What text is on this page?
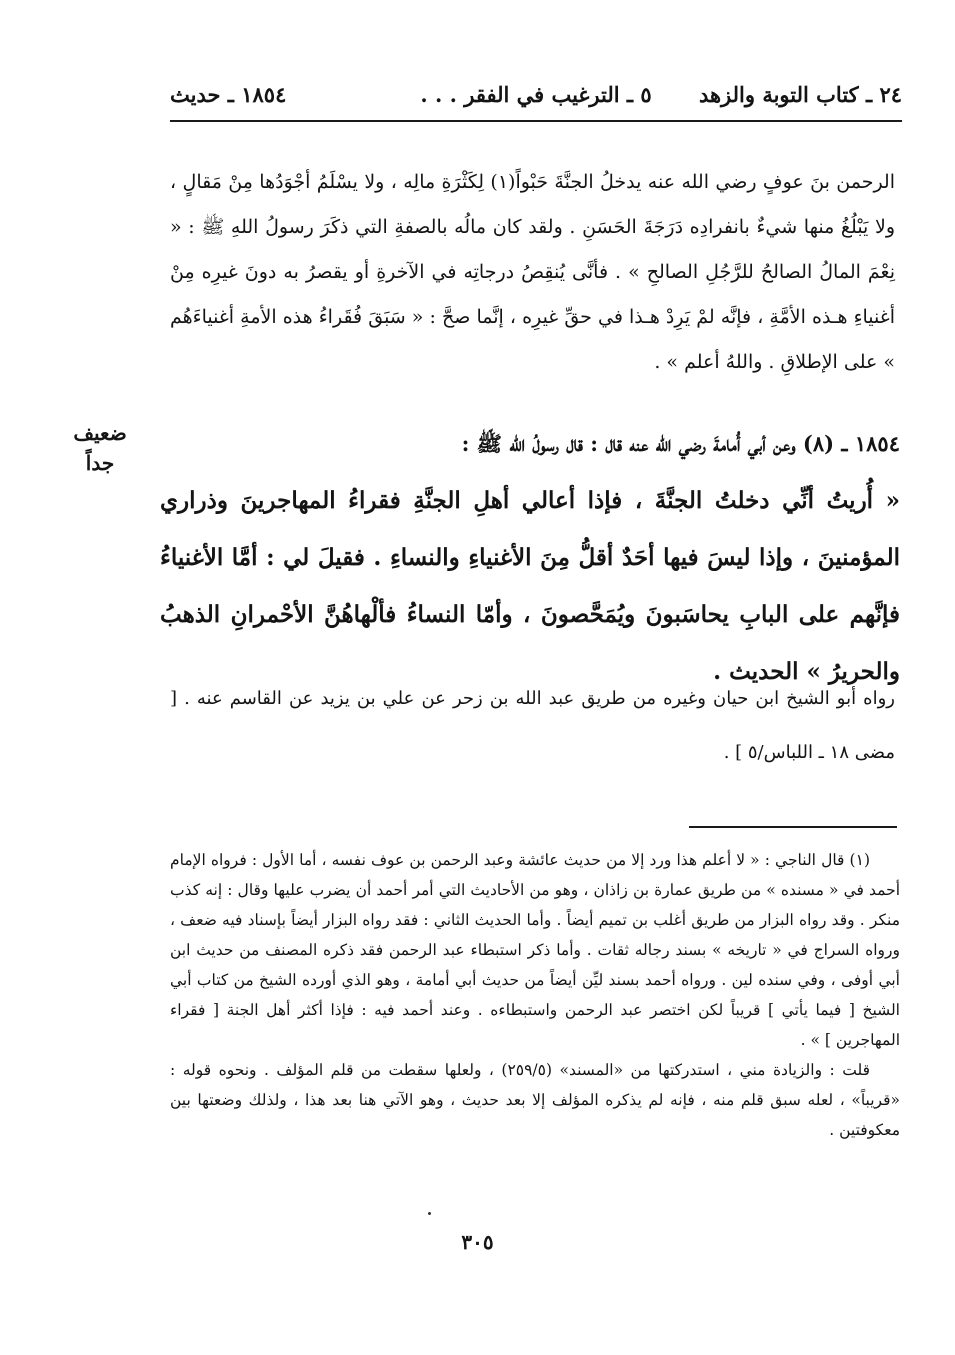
٢٤ ـ كتاب التوبة والزهد
٥ ـ الترغيب في الفقر . . .
١٨٥٤ ـ حديث

الرحمن بنَ عوفٍ رضي الله عنه يدخلُ الجنَّةَ حَبْواً(١) لِكَثْرَةِ مالِه ، ولا يسْلَمُ أجْوَدُها مِنْ مَقالٍ ، ولا يَبْلُغُ منها شيءٌ بانفرادِه دَرَجَةَ الحَسَنِ . ولقد كان مالُه بالصفةِ التي ذكَرَ رسولُ اللهِ ﷺ : « نِعْمَ المالُ الصالحُ للرَّجُلِ الصالحِ » . فأنَّى يُنقِصُ درجاتِه في الآخرةِ أو يقصرُ به دونَ غيرِه مِنْ أغنياءِ هـذه الأمَّةِ ، فإنَّه لمْ يَرِدْ هـذا في حقِّ غيرِه ، إنَّما صحَّ : « سَبَقَ فُقَراءُ هذه الأمةِ أغنياءَهُم » على الإطلاقِ . واللهُ أعلم » .

ضعيف
جداً

١٨٥٤ ـ (٨) وعن أبي أُمامةَ رضي الله عنه قال : قال رسولُ الله ﷺ :

« أُريتُ أنِّي دخلتُ الجنَّةَ ، فإذا أعالي أهلِ الجنَّةِ فقراءُ المهاجرينَ وذراري المؤمنينَ ، وإذا ليسَ فيها أحَدٌ أقلُّ مِنَ الأغنياءِ والنساءِ . فقيلَ لي : أمَّا الأغنياءُ فإنَّهم على البابِ يحاسَبونَ ويُمَحَّصونَ ، وأمّا النساءُ فألْهاهُنَّ الأحْمرانِ الذهبُ والحريرُ » الحديث .

رواه أبو الشيخ ابن حيان وغيره من طريق عبد الله بن زحر عن علي بن يزيد عن القاسم عنه . [ مضى ١٨ ـ اللباس/٥ ] .

(١) قال الناجي : « لا أعلم هذا ورد إلا من حديث عائشة وعبد الرحمن بن عوف نفسه ، أما الأول : فرواه الإمام أحمد في « مسنده » من طريق عمارة بن زاذان ، وهو من الأحاديث التي أمر أحمد أن يضرب عليها وقال : إنه كذب منكر . وقد رواه البزار من طريق أغلب بن تميم أيضاً . وأما الحديث الثاني : فقد رواه البزار أيضاً بإسناد فيه ضعف ، ورواه السراج في « تاريخه » بسند رجاله ثقات . وأما ذكر استبطاء عبد الرحمن فقد ذكره المصنف من حديث ابن أبي أوفى ، وفي سنده لين . ورواه أحمد بسند ليِّن أيضاً من حديث أبي أمامة ، وهو الذي أورده الشيخ من كتاب أبي الشيخ [ فيما يأتي ] قريباً لكن اختصر عبد الرحمن واستبطاءه . وعند أحمد فيه : فإذا أكثر أهل الجنة [ فقراء المهاجرين ] » .

قلت : والزيادة مني ، استدركتها من «المسند» (٢٥٩/٥) ، ولعلها سقطت من قلم المؤلف . ونحوه قوله : «قريباً» ، لعله سبق قلم منه ، فإنه لم يذكره المؤلف إلا بعد حديث ، وهو الآتي هنا بعد هذا ، ولذلك وضعتها بين معكوفتين .

٣٠٥
